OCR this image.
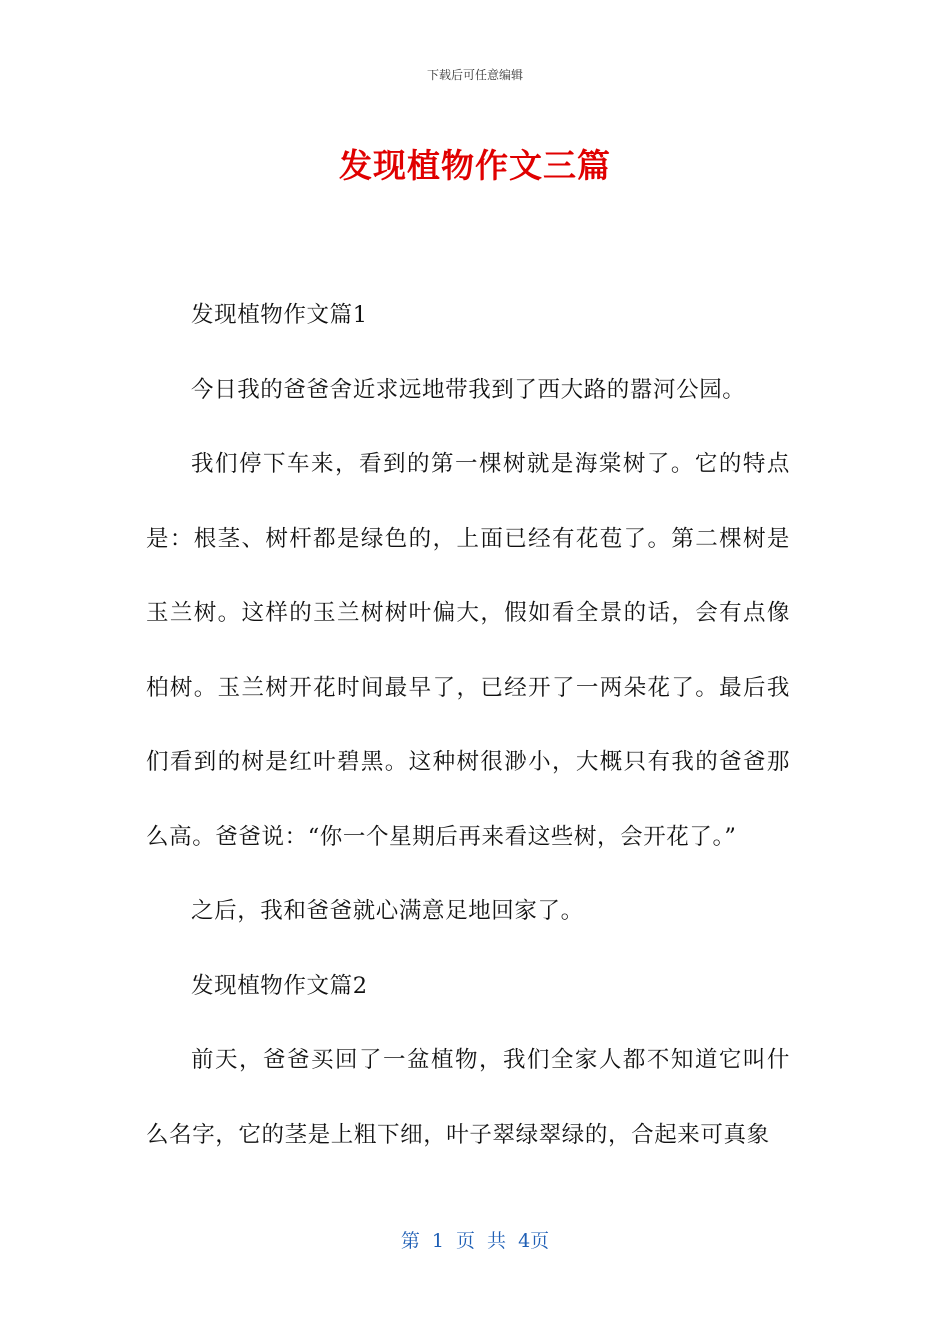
下载后可任意编辑
发现植物作文三篇

发现植物作文篇1

今日我的爸爸舍近求远地带我到了西大路的嚣河公园。

我们停下车来，看到的第一棵树就是海棠树了。它的特点是：根茎、树杆都是绿色的，上面已经有花苞了。第二棵树是玉兰树。这样的玉兰树树叶偏大，假如看全景的话，会有点像柏树。玉兰树开花时间最早了，已经开了一两朵花了。最后我们看到的树是红叶碧黑。这种树很渺小，大概只有我的爸爸那么高。爸爸说：“你一个星期后再来看这些树，会开花了。”

之后，我和爸爸就心满意足地回家了。

发现植物作文篇2

前天，爸爸买回了一盆植物，我们全家人都不知道它叫什么名字，它的茎是上粗下细，叶子翠绿翠绿的，合起来可真象

第 1 页 共 4页
